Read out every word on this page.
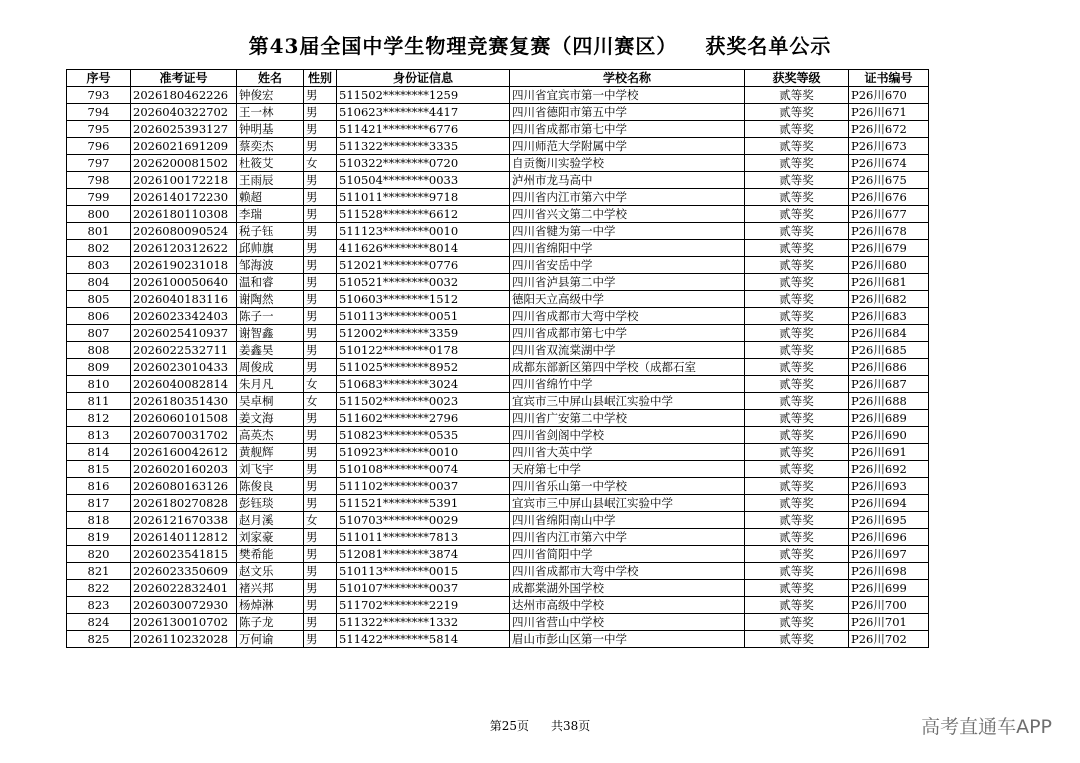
第43届全国中学生物理竞赛复赛（四川赛区） 获奖名单公示
序号	准考证号	姓名	性别	身份证信息	学校名称	获奖等级	证书编号
793	2026180462226	钟俊宏	男	511502********1259	四川省宜宾市第一中学校	贰等奖	P26川670
794	2026040322702	王一林	男	510623********4417	四川省德阳市第五中学	贰等奖	P26川671
795	2026025393127	钟明基	男	511421********6776	四川省成都市第七中学	贰等奖	P26川672
796	2026021691209	蔡奕杰	男	511322********3335	四川师范大学附属中学	贰等奖	P26川673
797	2026200081502	杜筱艾	女	510322********0720	自贡衡川实验学校	贰等奖	P26川674
798	2026100172218	王雨辰	男	510504********0033	泸州市龙马高中	贰等奖	P26川675
799	2026140172230	赖超	男	511011********9718	四川省内江市第六中学	贰等奖	P26川676
800	2026180110308	李瑞	男	511528********6612	四川省兴文第二中学校	贰等奖	P26川677
801	2026080090524	税子钰	男	511123********0010	四川省犍为第一中学	贰等奖	P26川678
802	2026120312622	邱帅旗	男	411626********8014	四川省绵阳中学	贰等奖	P26川679
803	2026190231018	邹海波	男	512021********0776	四川省安岳中学	贰等奖	P26川680
804	2026100050640	温和睿	男	510521********0032	四川省泸县第二中学	贰等奖	P26川681
805	2026040183116	谢陶然	男	510603********1512	德阳天立高级中学	贰等奖	P26川682
806	2026023342403	陈子一	男	510113********0051	四川省成都市大弯中学校	贰等奖	P26川683
807	2026025410937	谢智鑫	男	512002********3359	四川省成都市第七中学	贰等奖	P26川684
808	2026022532711	姜鑫昊	男	510122********0178	四川省双流棠湖中学	贰等奖	P26川685
809	2026023010433	周俊成	男	511025********8952	成都东部新区第四中学校（成都石室	贰等奖	P26川686
810	2026040082814	朱月凡	女	510683********3024	四川省绵竹中学	贰等奖	P26川687
811	2026180351430	吴卓桐	女	511502********0023	宜宾市三中屏山县岷江实验中学	贰等奖	P26川688
812	2026060101508	姜文海	男	511602********2796	四川省广安第二中学校	贰等奖	P26川689
813	2026070031702	高英杰	男	510823********0535	四川省剑阁中学校	贰等奖	P26川690
814	2026160042612	黄舰辉	男	510923********0010	四川省大英中学	贰等奖	P26川691
815	2026020160203	刘飞宇	男	510108********0074	天府第七中学	贰等奖	P26川692
816	2026080163126	陈俊良	男	511102********0037	四川省乐山第一中学校	贰等奖	P26川693
817	2026180270828	彭钰琰	男	511521********5391	宜宾市三中屏山县岷江实验中学	贰等奖	P26川694
818	2026121670338	赵月溪	女	510703********0029	四川省绵阳南山中学	贰等奖	P26川695
819	2026140112812	刘家豪	男	511011********7813	四川省内江市第六中学	贰等奖	P26川696
820	2026023541815	樊希能	男	512081********3874	四川省简阳中学	贰等奖	P26川697
821	2026023350609	赵文乐	男	510113********0015	四川省成都市大弯中学校	贰等奖	P26川698
822	2026022832401	褚兴邦	男	510107********0037	成都棠湖外国学校	贰等奖	P26川699
823	2026030072930	杨焯淋	男	511702********2219	达州市高级中学校	贰等奖	P26川700
824	2026130010702	陈子龙	男	511322********1332	四川省营山中学校	贰等奖	P26川701
825	2026110232028	万何谕	男	511422********5814	眉山市彭山区第一中学	贰等奖	P26川702
第25页 共38页	高考直通车APP
